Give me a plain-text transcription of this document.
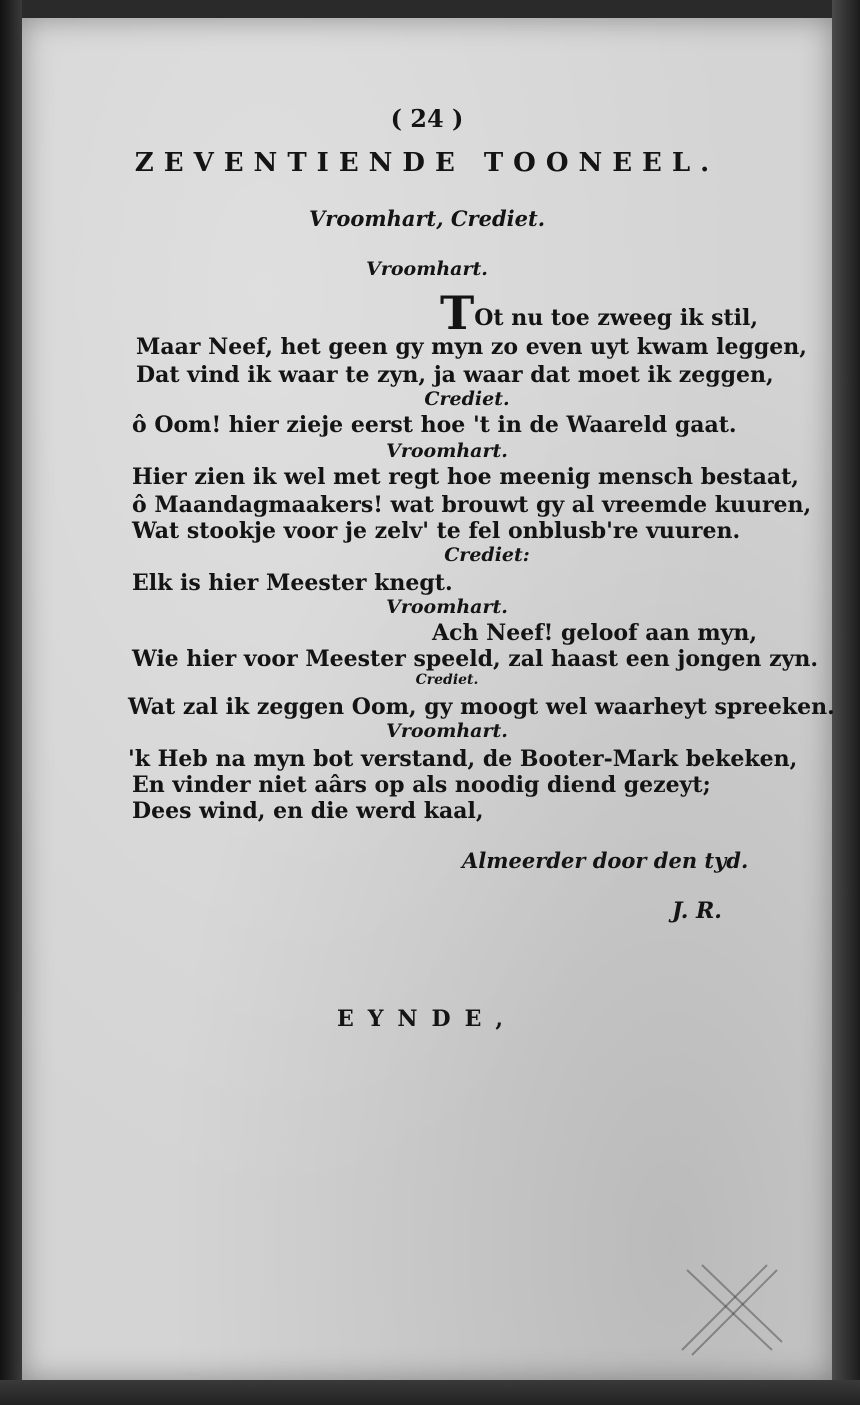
( 24 )
ZEVENTIENDE TOONEEL.
Vroomhart, Crediet.
Vroomhart.
TOt nu toe zweeg ik stil,
Maar Neef, het geen gy myn zo even uyt kwam leggen,
Dat vind ik waar te zyn, ja waar dat moet ik zeggen,
Crediet.
ô Oom! hier zieje eerst hoe 't in de Waareld gaat.
Vroomhart.
Hier zien ik wel met regt hoe meenig mensch bestaat,
ô Maandagmaakers! wat brouwt gy al vreemde kuuren,
Wat stookje voor je zelv' te fel onblusb're vuuren.
Crediet:
Elk is hier Meester knegt.
Vroomhart.
Ach Neef! geloof aan myn,
Wie hier voor Meester speeld, zal haast een jongen zyn.
Crediet.
Wat zal ik zeggen Oom, gy moogt wel waarheyt spreeken.
Vroomhart.
'k Heb na myn bot verstand, de Booter-Mark bekeken,
En vinder niet aârs op als noodig diend gezeyt;
Dees wind, en die werd kaal,
Almeerder door den tyd.
J. R.
EYNDE,
